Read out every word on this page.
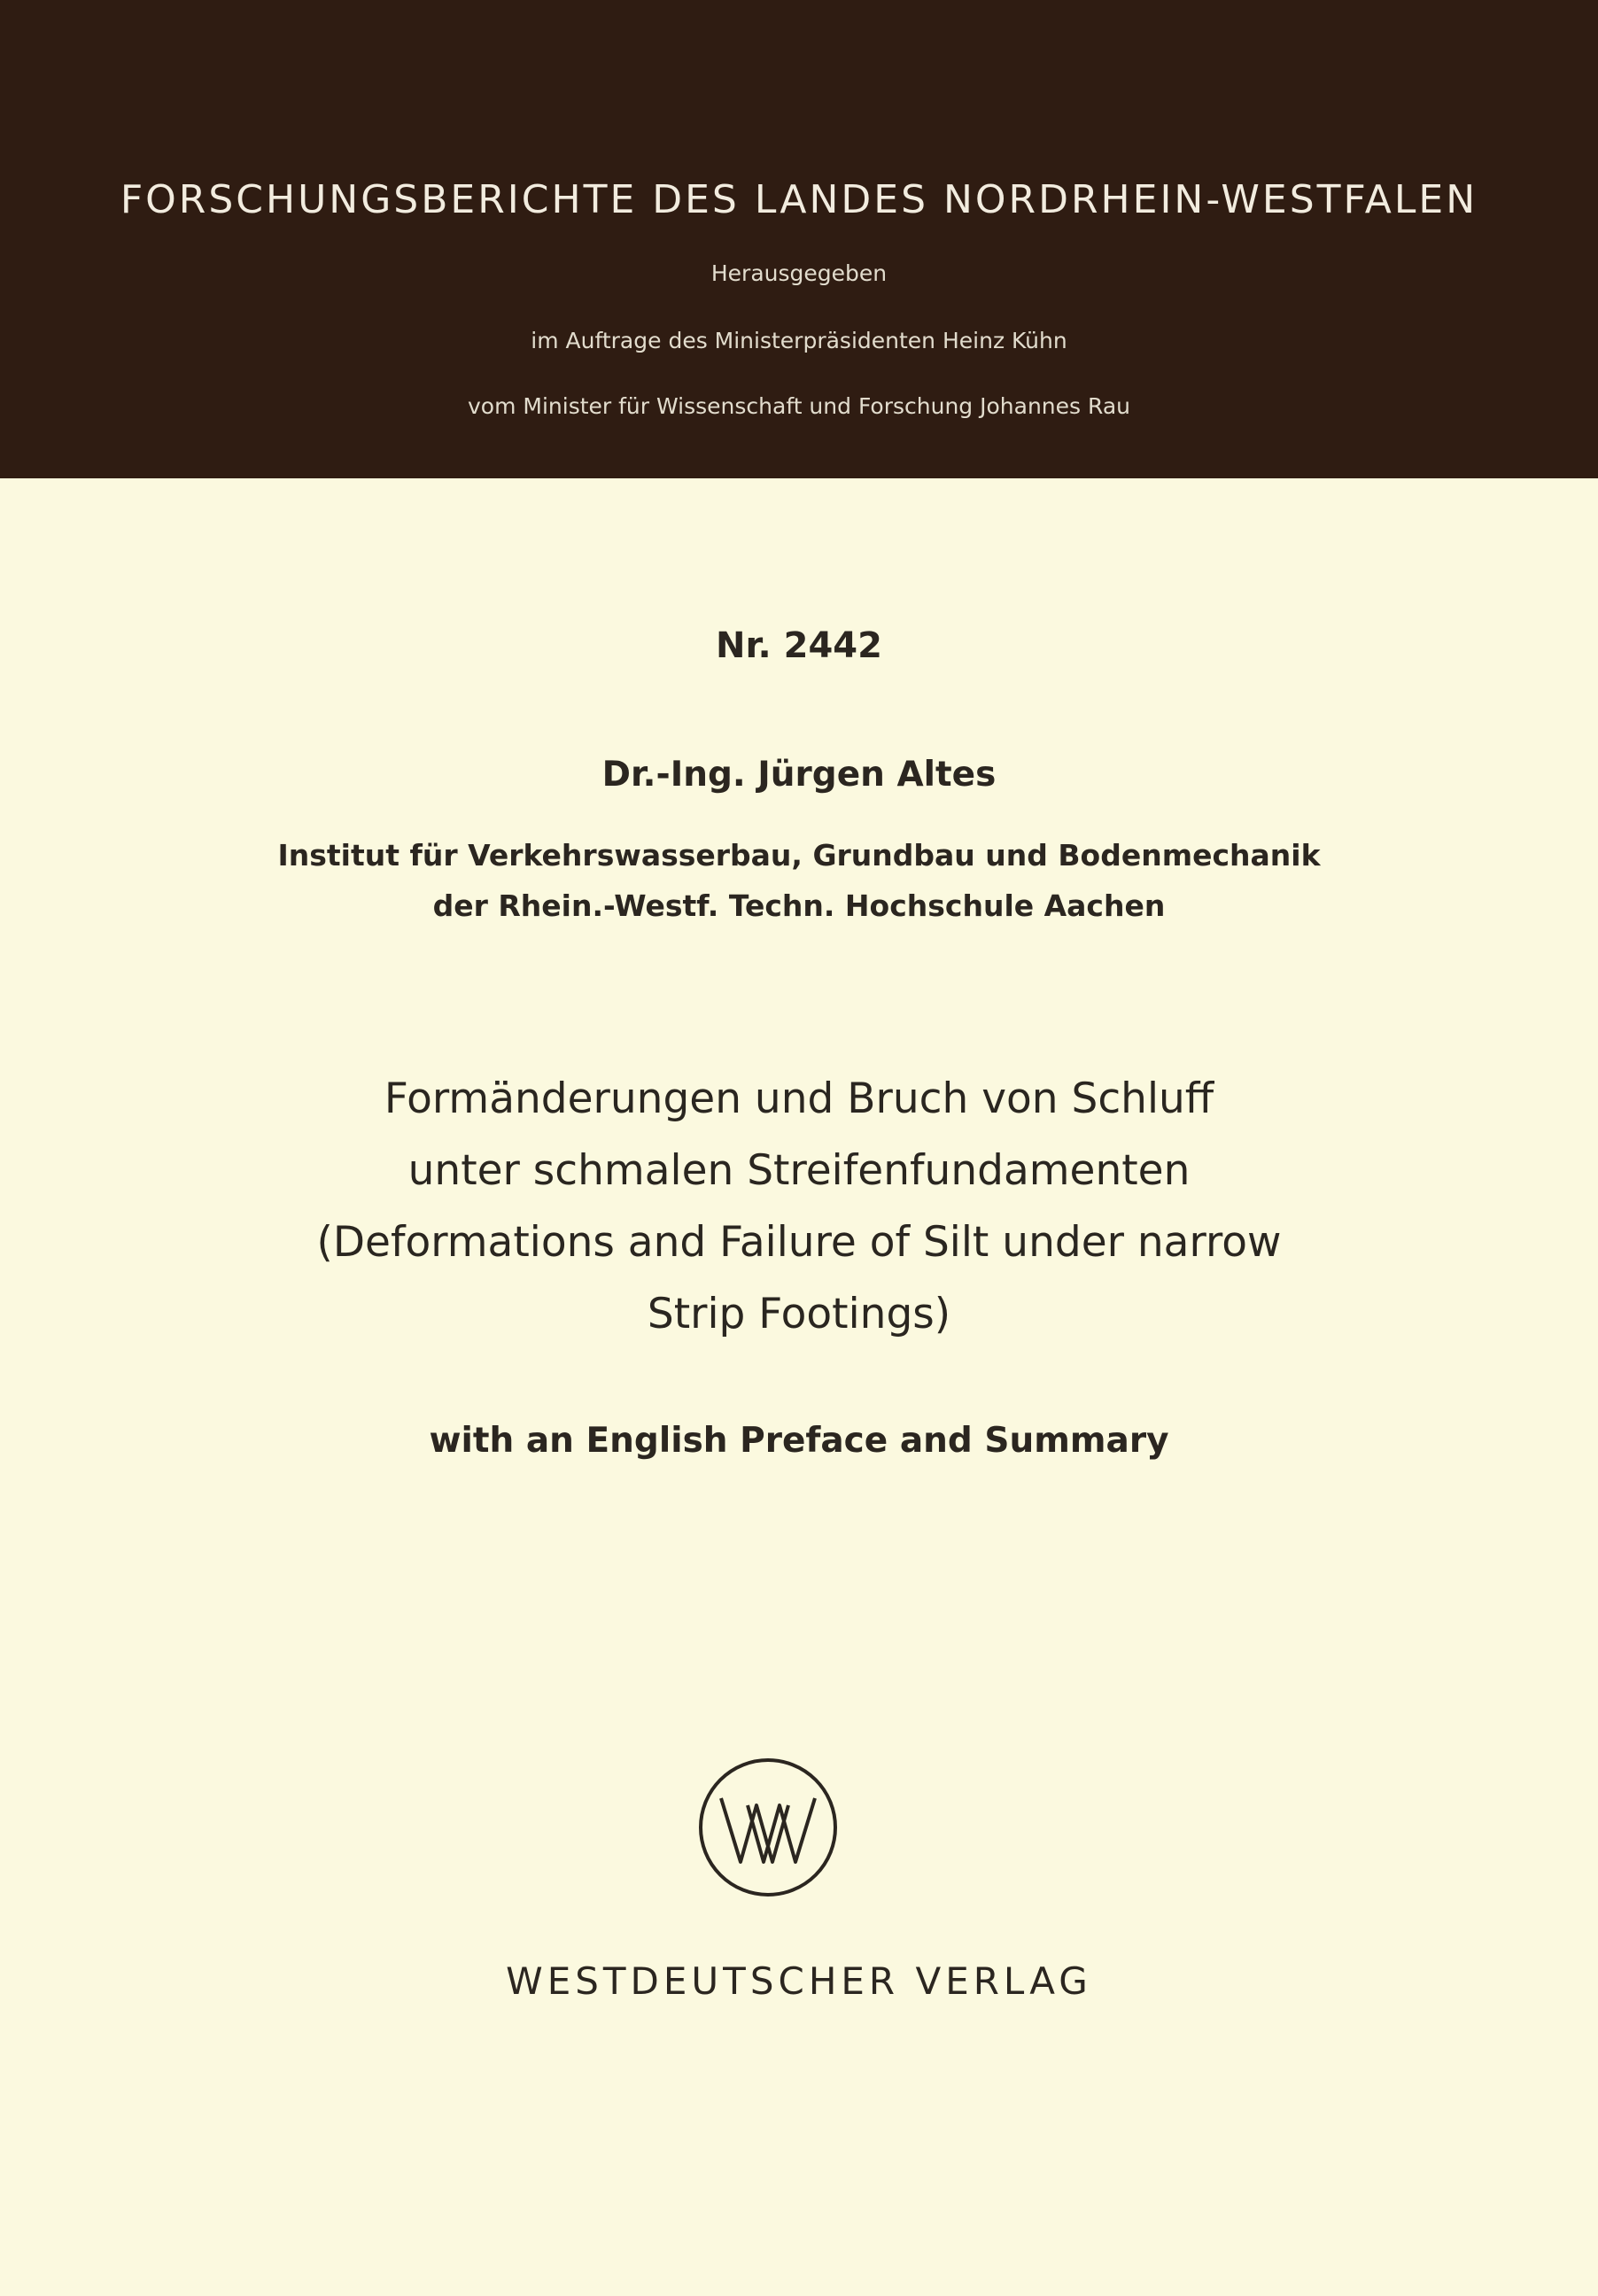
FORSCHUNGSBERICHTE DES LANDES NORDRHEIN-WESTFALEN
Herausgegeben
im Auftrage des Ministerpräsidenten Heinz Kühn
vom Minister für Wissenschaft und Forschung Johannes Rau
Nr. 2442
Dr.-Ing. Jürgen Altes
Institut für Verkehrswasserbau, Grundbau und Bodenmechanik
der Rhein.-Westf. Techn. Hochschule Aachen
Formänderungen und Bruch von Schluff
unter schmalen Streifenfundamenten
(Deformations and Failure of Silt under narrow
Strip Footings)
with an English Preface and Summary
WESTDEUTSCHER VERLAG
